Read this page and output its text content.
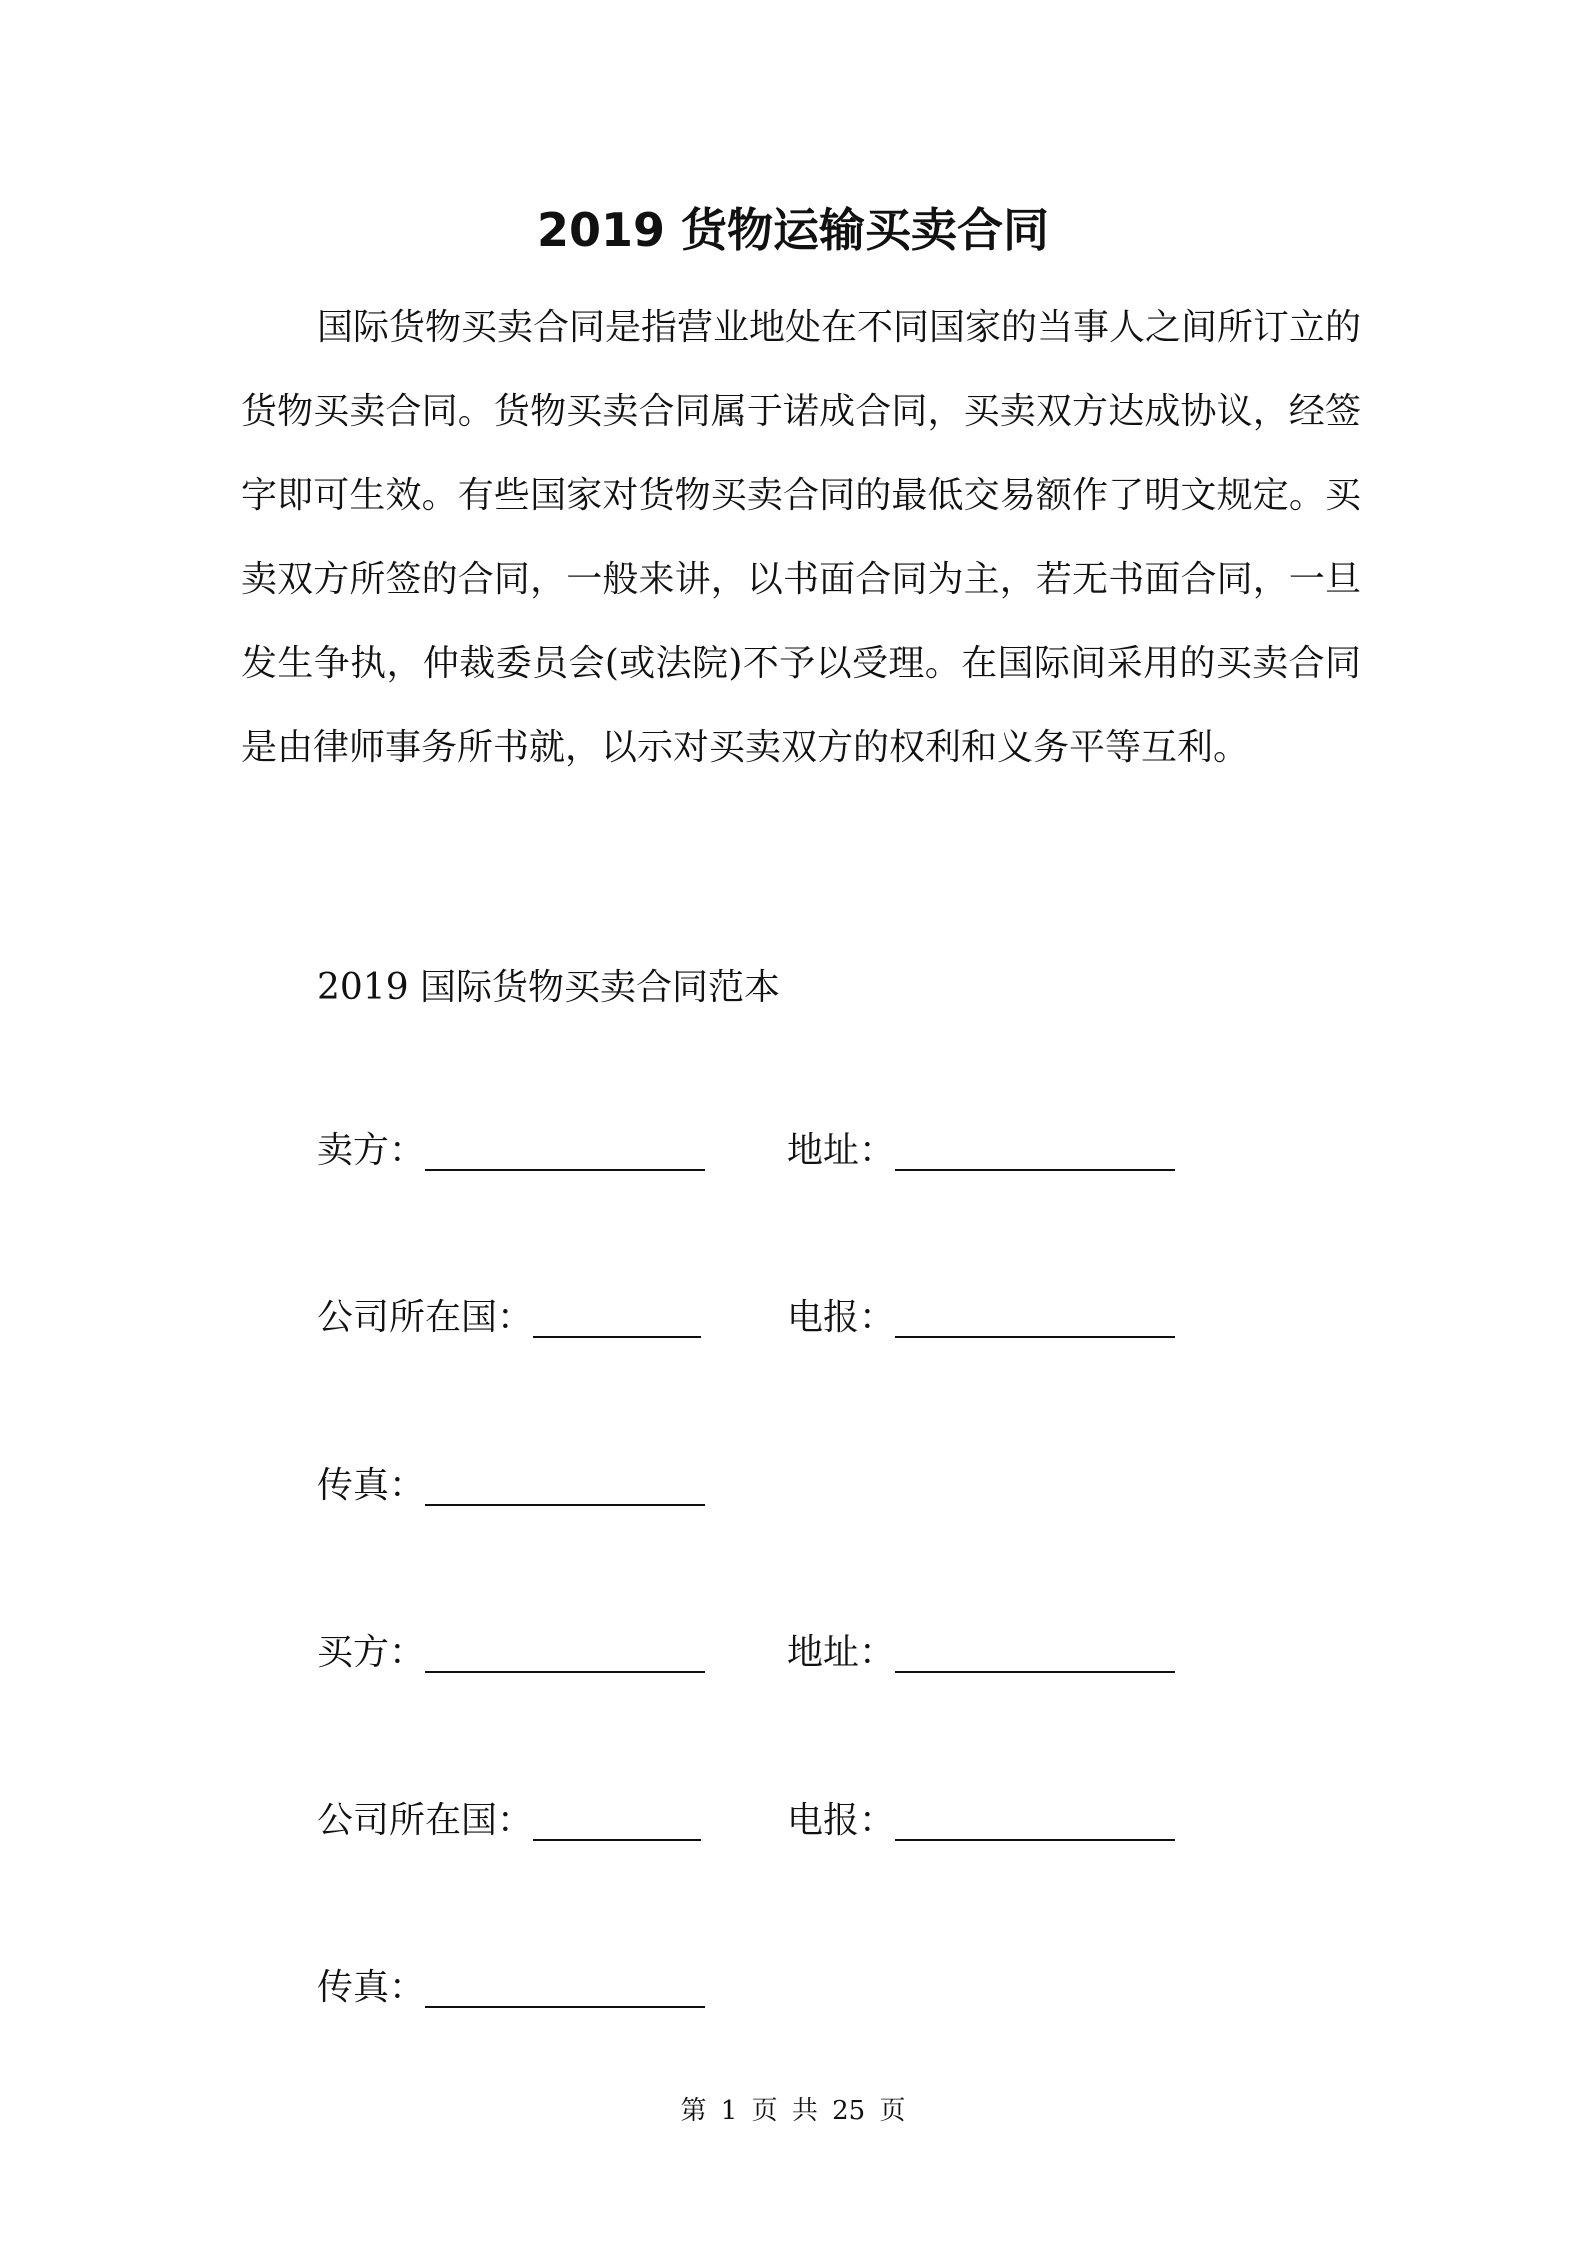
2019 货物运输买卖合同
国际货物买卖合同是指营业地处在不同国家的当事人之间所订立的货物买卖合同。货物买卖合同属于诺成合同，买卖双方达成协议，经签字即可生效。有些国家对货物买卖合同的最低交易额作了明文规定。买卖双方所签的合同，一般来讲，以书面合同为主，若无书面合同，一旦发生争执，仲裁委员会(或法院)不予以受理。在国际间采用的买卖合同是由律师事务所书就，以示对买卖双方的权利和义务平等互利。
2019 国际货物买卖合同范本
卖方：	地址：
公司所在国：	电报：
传真：
买方：	地址：
公司所在国：	电报：
传真：
第 1 页 共 25 页
